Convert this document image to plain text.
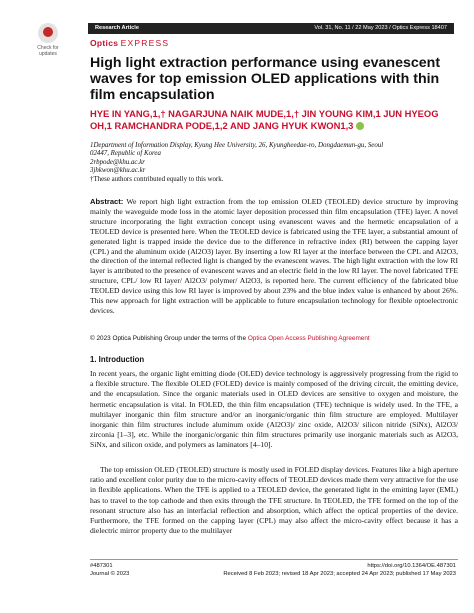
Check for
updates
Research Article	Vol. 31, No. 11 / 22 May 2023 / Optics Express 18407
Optics EXPRESS
High light extraction performance using evanescent waves for top emission OLED applications with thin film encapsulation
HYE IN YANG,1,† NAGARJUNA NAIK MUDE,1,† JIN YOUNG KIM,1 JUN HYEOG OH,1 RAMCHANDRA PODE,1,2 AND JANG HYUK KWON1,3
1Department of Information Display, Kyung Hee University, 26, Kyungheedae-ro, Dongdaemun-gu, Seoul
02447, Republic of Korea
2rbpode@khu.ac.kr
3jhkwon@khu.ac.kr
†These authors contributed equally to this work.
Abstract: We report high light extraction from the top emission OLED (TEOLED) device structure by improving mainly the waveguide mode loss in the atomic layer deposition processed thin film encapsulation (TFE) layer. A novel structure incorporating the light extraction concept using evanescent waves and the hermetic encapsulation of a TEOLED device is presented here. When the TEOLED device is fabricated using the TFE layer, a substantial amount of generated light is trapped inside the device due to the difference in refractive index (RI) between the capping layer (CPL) and the aluminum oxide (Al2O3) layer. By inserting a low RI layer at the interface between the CPL and Al2O3, the direction of the internal reflected light is changed by the evanescent waves. The high light extraction with the low RI layer is attributed to the presence of evanescent waves and an electric field in the low RI layer. The novel fabricated TFE structure, CPL/ low RI layer/ Al2O3/ polymer/ Al2O3, is reported here. The current efficiency of the fabricated blue TEOLED device using this low RI layer is improved by about 23% and the blue index value is enhanced by about 26%. This new approach for light extraction will be applicable to future encapsulation technology for flexible optoelectronic devices.
© 2023 Optica Publishing Group under the terms of the Optica Open Access Publishing Agreement
1. Introduction
In recent years, the organic light emitting diode (OLED) device technology is aggressively progressing from the rigid to a flexible structure. The flexible OLED (FOLED) device is mainly composed of the driving circuit, the emitting device, and the encapsulation. Since the organic materials used in OLED devices are sensitive to oxygen and moisture, the hermetic encapsulation is vital. In FOLED, the thin film encapsulation (TFE) technique is widely used. In the TFE, a multilayer inorganic thin film structure and/or an inorganic/organic thin film structure are employed. Multilayer inorganic thin film structures include aluminum oxide (Al2O3)/ zinc oxide, Al2O3/ silicon nitride (SiNx), Al2O3/ zirconia [1–3], etc. While the inorganic/organic thin film structures primarily use inorganic materials such as Al2O3, SiNx, and silicon oxide, and polymers as laminators [4–10].
The top emission OLED (TEOLED) structure is mostly used in FOLED display devices. Features like a high aperture ratio and excellent color purity due to the micro-cavity effects of TEOLED devices made them very attractive for the use in flexible applications. When the TFE is applied to a TEOLED device, the generated light in the emitting layer (EML) has to travel to the top cathode and then exits through the TFE structure. In TEOLED, the TFE formed on the top of the resonant structure also has an interfacial reflection and absorption, which affect the optical properties of the device. Furthermore, the TFE formed on the capping layer (CPL) may also affect the micro-cavity effect because it has a dielectric mirror property due to the multilayer
#487301
Journal © 2023
https://doi.org/10.1364/OE.487301
Received 8 Feb 2023; revised 18 Apr 2023; accepted 24 Apr 2023; published 17 May 2023
